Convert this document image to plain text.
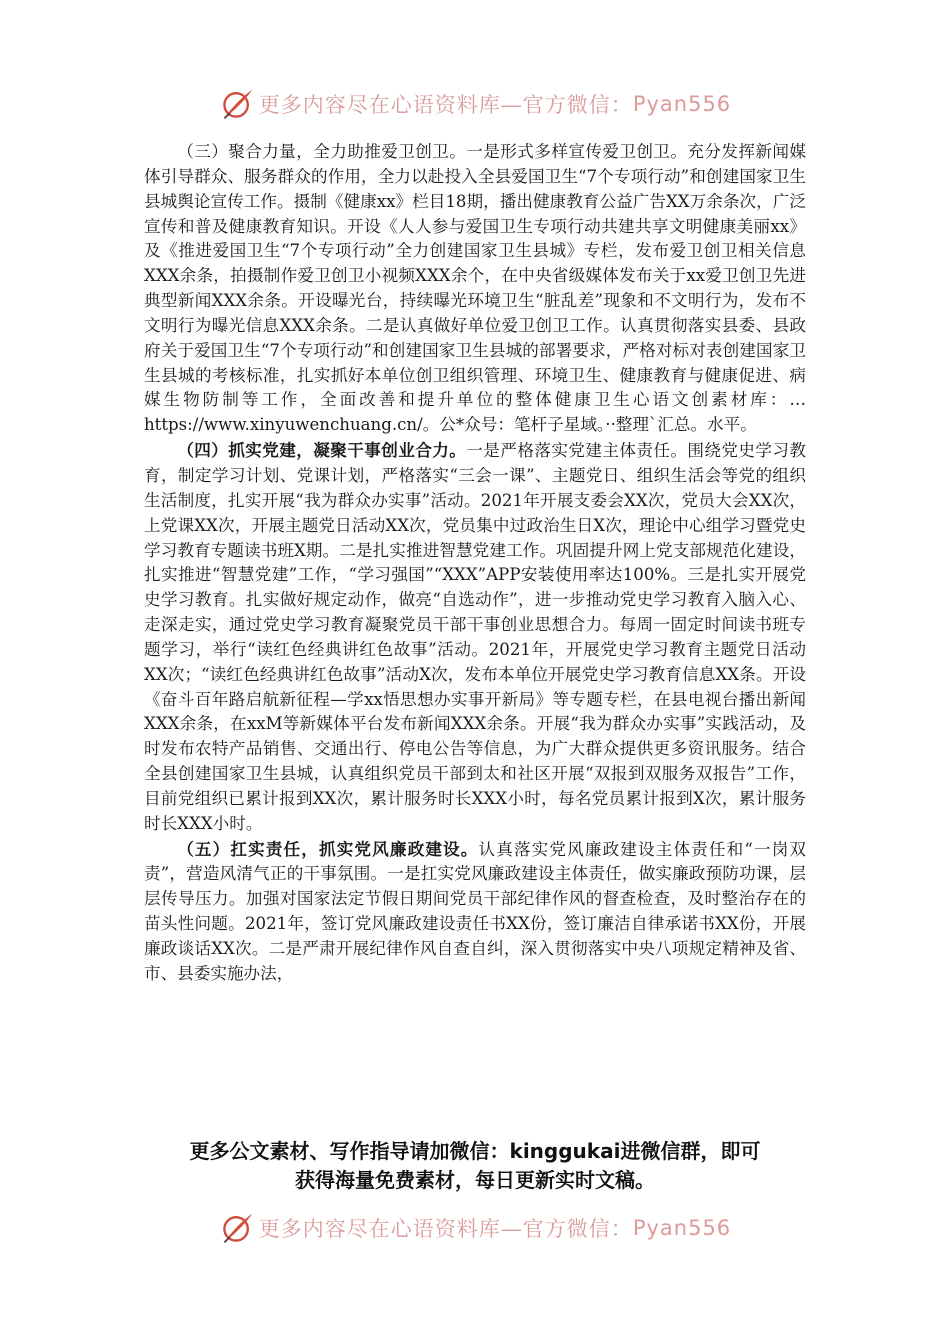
更多内容尽在心语资料库—官方微信： Pyan556

（三）聚合力量，全力助推爱卫创卫。一是形式多样宣传爱卫创卫。充分发挥新闻媒体引导群众、服务群众的作用，全力以赴投入全县爱国卫生“7个专项行动”和创建国家卫生县城舆论宣传工作。摄制《健康xx》栏目18期，播出健康教育公益广告XX万余条次，广泛宣传和普及健康教育知识。开设《人人参与爱国卫生专项行动共建共享文明健康美丽xx》及《推进爱国卫生“7个专项行动”全力创建国家卫生县城》专栏，发布爱卫创卫相关信息XXX余条，拍摄制作爱卫创卫小视频XXX余个，在中央省级媒体发布关于xx爱卫创卫先进典型新闻XXX余条。开设曝光台，持续曝光环境卫生“脏乱差”现象和不文明行为，发布不文明行为曝光信息XXX余条。二是认真做好单位爱卫创卫工作。认真贯彻落实县委、县政府关于爱国卫生“7个专项行动”和创建国家卫生县城的部署要求，严格对标对表创建国家卫生县城的考核标准，扎实抓好本单位创卫组织管理、环境卫生、健康教育与健康促进、病媒生物防制等工作，全面改善和提升单位的整体健康卫生心语文创素材库：… https://www.xinyuwenchuang.cn/。公*众号：笔杆子星域。··整理`汇总。水平。

（四）抓实党建，凝聚干事创业合力。一是严格落实党建主体责任。围绕党史学习教育，制定学习计划、党课计划，严格落实“三会一课”、主题党日、组织生活会等党的组织生活制度，扎实开展“我为群众办实事”活动。2021年开展支委会XX次，党员大会XX次，上党课XX次，开展主题党日活动XX次，党员集中过政治生日X次，理论中心组学习暨党史学习教育专题读书班X期。二是扎实推进智慧党建工作。巩固提升网上党支部规范化建设，扎实推进“智慧党建”工作，“学习强国”“XXX”APP安装使用率达100%。三是扎实开展党史学习教育。扎实做好规定动作，做亮“自选动作”，进一步推动党史学习教育入脑入心、走深走实，通过党史学习教育凝聚党员干部干事创业思想合力。每周一固定时间读书班专题学习，举行“读红色经典讲红色故事”活动。2021年，开展党史学习教育主题党日活动XX次；“读红色经典讲红色故事”活动X次，发布本单位开展党史学习教育信息XX条。开设《奋斗百年路启航新征程—学xx悟思想办实事开新局》等专题专栏，在县电视台播出新闻XXX余条，在xxM等新媒体平台发布新闻XXX余条。开展“我为群众办实事”实践活动，及时发布农特产品销售、交通出行、停电公告等信息，为广大群众提供更多资讯服务。结合全县创建国家卫生县城，认真组织党员干部到太和社区开展“双报到双服务双报告”工作，目前党组织已累计报到XX次，累计服务时长XXX小时，每名党员累计报到X次，累计服务时长XXX小时。

（五）扛实责任，抓实党风廉政建设。认真落实党风廉政建设主体责任和“一岗双责”，营造风清气正的干事氛围。一是扛实党风廉政建设主体责任，做实廉政预防功课，层层传导压力。加强对国家法定节假日期间党员干部纪律作风的督查检查，及时整治存在的苗头性问题。2021年，签订党风廉政建设责任书XX份，签订廉洁自律承诺书XX份，开展廉政谈话XX次。二是严肃开展纪律作风自查自纠，深入贯彻落实中央八项规定精神及省、市、县委实施办法，

更多公文素材、写作指导请加微信：kinggukai进微信群，即可
获得海量免费素材，每日更新实时文稿。
更多内容尽在心语资料库—官方微信： Pyan556
